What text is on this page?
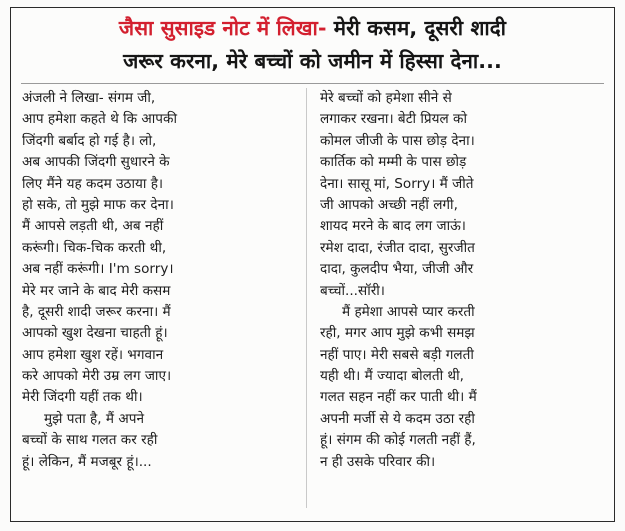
जैसा सुसाइड नोट में लिखा- मेरी कसम, दूसरी शादी
जरूर करना, मेरे बच्चों को जमीन में हिस्सा देना...
अंजली ने लिखा- संगम जी,
आप हमेशा कहते थे कि आपकी
जिंदगी बर्बाद हो गई है। लो,
अब आपकी जिंदगी सुधारने के
लिए मैंने यह कदम उठाया है।
हो सके, तो मुझे माफ कर देना।
मैं आपसे लड़ती थी, अब नहीं
करूंगी। चिक-चिक करती थी,
अब नहीं करूंगी। I'm sorry।
मेरे मर जाने के बाद मेरी कसम
है, दूसरी शादी जरूर करना। मैं
आपको खुश देखना चाहती हूं।
आप हमेशा खुश रहें। भगवान
करे आपको मेरी उम्र लग जाए।
मेरी जिंदगी यहीं तक थी।
मुझे पता है, मैं अपने
बच्चों के साथ गलत कर रही
हूं। लेकिन, मैं मजबूर हूं।...
मेरे बच्चों को हमेशा सीने से
लगाकर रखना। बेटी प्रियल को
कोमल जीजी के पास छोड़ देना।
कार्तिक को मम्मी के पास छोड़
देना। सासू मां, Sorry। मैं जीते
जी आपको अच्छी नहीं लगी,
शायद मरने के बाद लग जाऊं।
रमेश दादा, रंजीत दादा, सुरजीत
दादा, कुलदीप भैया, जीजी और
बच्चों...सॉरी।
मैं हमेशा आपसे प्यार करती
रही, मगर आप मुझे कभी समझ
नहीं पाए। मेरी सबसे बड़ी गलती
यही थी। मैं ज्यादा बोलती थी,
गलत सहन नहीं कर पाती थी। मैं
अपनी मर्जी से ये कदम उठा रही
हूं। संगम की कोई गलती नहीं हैं,
न ही उसके परिवार की।
